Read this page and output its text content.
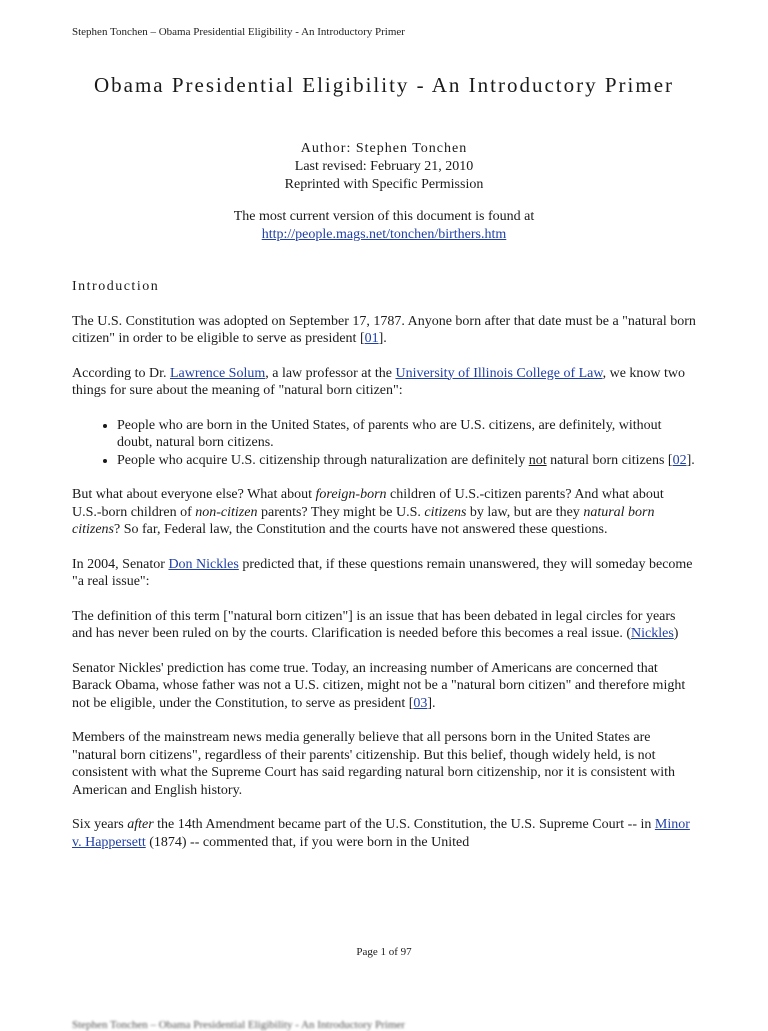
Stephen Tonchen – Obama Presidential Eligibility - An Introductory Primer
Obama Presidential Eligibility - An Introductory Primer
Author: Stephen Tonchen
Last revised: February 21, 2010
Reprinted with Specific Permission
The most current version of this document is found at
http://people.mags.net/tonchen/birthers.htm
Introduction

The U.S. Constitution was adopted on September 17, 1787. Anyone born after that date must be a "natural born citizen" in order to be eligible to serve as president [01].

According to Dr. Lawrence Solum, a law professor at the University of Illinois College of Law, we know two things for sure about the meaning of "natural born citizen":

• People who are born in the United States, of parents who are U.S. citizens, are definitely, without doubt, natural born citizens.
• People who acquire U.S. citizenship through naturalization are definitely not natural born citizens [02].

But what about everyone else? What about foreign-born children of U.S.-citizen parents? And what about U.S.-born children of non-citizen parents? They might be U.S. citizens by law, but are they natural born citizens? So far, Federal law, the Constitution and the courts have not answered these questions.

In 2004, Senator Don Nickles predicted that, if these questions remain unanswered, they will someday become "a real issue":

The definition of this term ["natural born citizen"] is an issue that has been debated in legal circles for years and has never been ruled on by the courts. Clarification is needed before this becomes a real issue. (Nickles)

Senator Nickles' prediction has come true. Today, an increasing number of Americans are concerned that Barack Obama, whose father was not a U.S. citizen, might not be a "natural born citizen" and therefore might not be eligible, under the Constitution, to serve as president [03].

Members of the mainstream news media generally believe that all persons born in the United States are "natural born citizens", regardless of their parents' citizenship. But this belief, though widely held, is not consistent with what the Supreme Court has said regarding natural born citizenship, nor it is consistent with American and English history.

Six years after the 14th Amendment became part of the U.S. Constitution, the U.S. Supreme Court -- in Minor v. Happersett (1874) -- commented that, if you were born in the United

Page 1 of 97
Stephen Tonchen – Obama Presidential Eligibility - An Introductory Primer
